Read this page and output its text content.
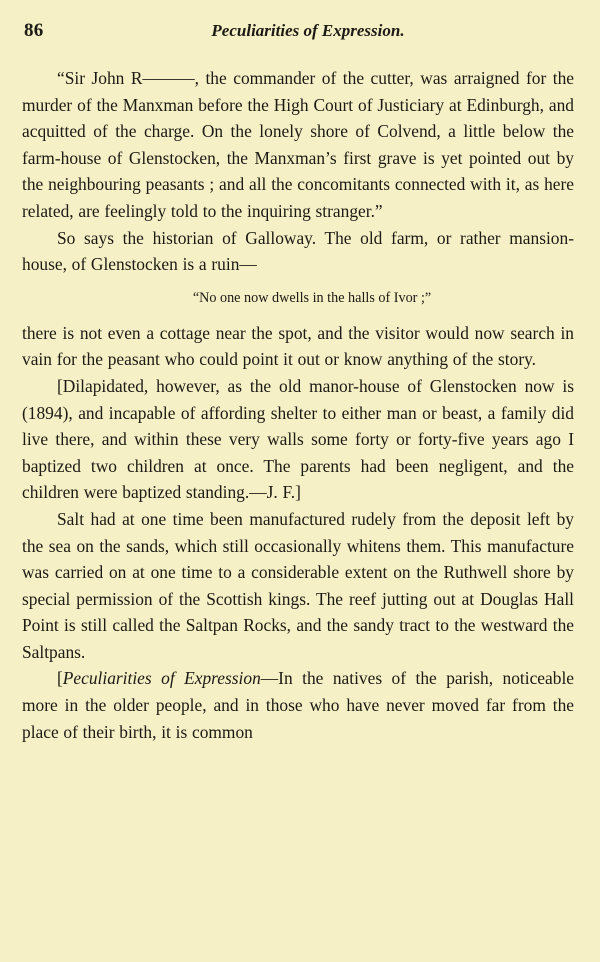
86	Peculiarities of Expression.

“Sir John R———, the commander of the cutter, was arraigned for the murder of the Manxman before the High Court of Justiciary at Edinburgh, and acquitted of the charge. On the lonely shore of Colvend, a little below the farm-house of Glenstocken, the Manxman’s first grave is yet pointed out by the neighbouring peasants ; and all the concomitants connected with it, as here related, are feelingly told to the inquiring stranger.”

So says the historian of Galloway. The old farm, or rather mansion-house, of Glenstocken is a ruin—

“No one now dwells in the halls of Ivor ;”

there is not even a cottage near the spot, and the visitor would now search in vain for the peasant who could point it out or know anything of the story.

[Dilapidated, however, as the old manor-house of Glenstocken now is (1894), and incapable of affording shelter to either man or beast, a family did live there, and within these very walls some forty or forty-five years ago I baptized two children at once. The parents had been negligent, and the children were baptized standing.—J. F.]

Salt had at one time been manufactured rudely from the deposit left by the sea on the sands, which still occasionally whitens them. This manufacture was carried on at one time to a considerable extent on the Ruthwell shore by special permission of the Scottish kings. The reef jutting out at Douglas Hall Point is still called the Saltpan Rocks, and the sandy tract to the westward the Saltpans.

[Peculiarities of Expression—In the natives of the parish, noticeable more in the older people, and in those who have never moved far from the place of their birth, it is common
